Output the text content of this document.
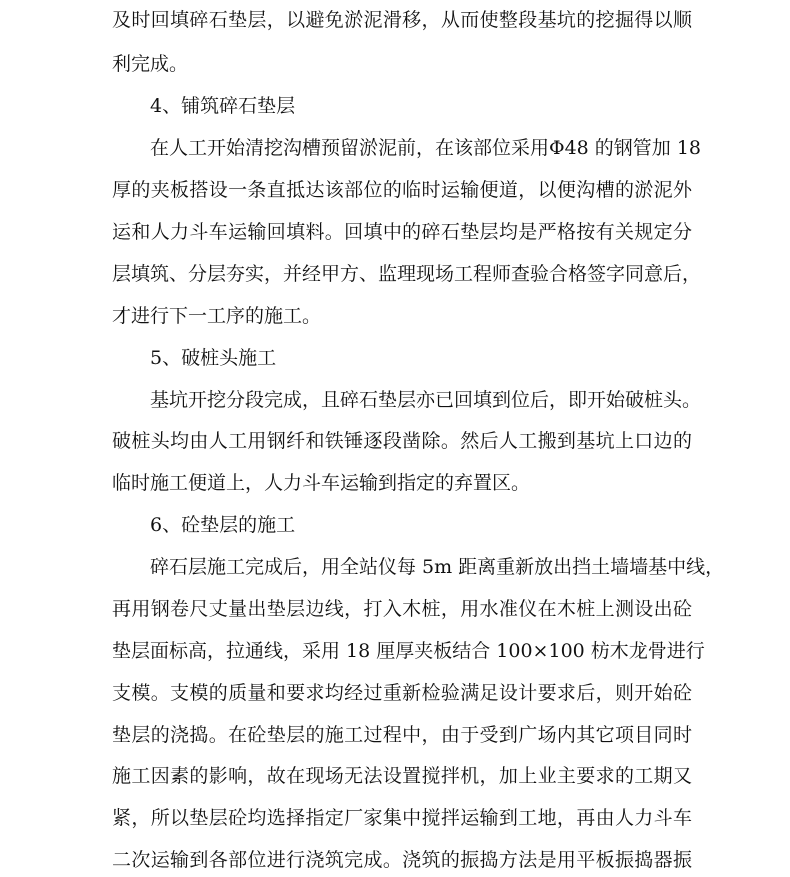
及时回填碎石垫层，以避免淤泥滑移，从而使整段基坑的挖掘得以顺
利完成。
4、铺筑碎石垫层
在人工开始清挖沟槽预留淤泥前，在该部位采用Φ48 的钢管加 18
厚的夹板搭设一条直抵达该部位的临时运输便道，以便沟槽的淤泥外
运和人力斗车运输回填料。回填中的碎石垫层均是严格按有关规定分
层填筑、分层夯实，并经甲方、监理现场工程师查验合格签字同意后，
才进行下一工序的施工。
5、破桩头施工
基坑开挖分段完成，且碎石垫层亦已回填到位后，即开始破桩头。
破桩头均由人工用钢纤和铁锤逐段凿除。然后人工搬到基坑上口边的
临时施工便道上，人力斗车运输到指定的弃置区。
6、砼垫层的施工
碎石层施工完成后，用全站仪每 5m 距离重新放出挡土墙墙基中线，
再用钢卷尺丈量出垫层边线，打入木桩，用水准仪在木桩上测设出砼
垫层面标高，拉通线，采用 18 厘厚夹板结合 100×100 枋木龙骨进行
支模。支模的质量和要求均经过重新检验满足设计要求后，则开始砼
垫层的浇捣。在砼垫层的施工过程中，由于受到广场内其它项目同时
施工因素的影响，故在现场无法设置搅拌机，加上业主要求的工期又
紧，所以垫层砼均选择指定厂家集中搅拌运输到工地，再由人力斗车
二次运输到各部位进行浇筑完成。浇筑的振捣方法是用平板振捣器振
